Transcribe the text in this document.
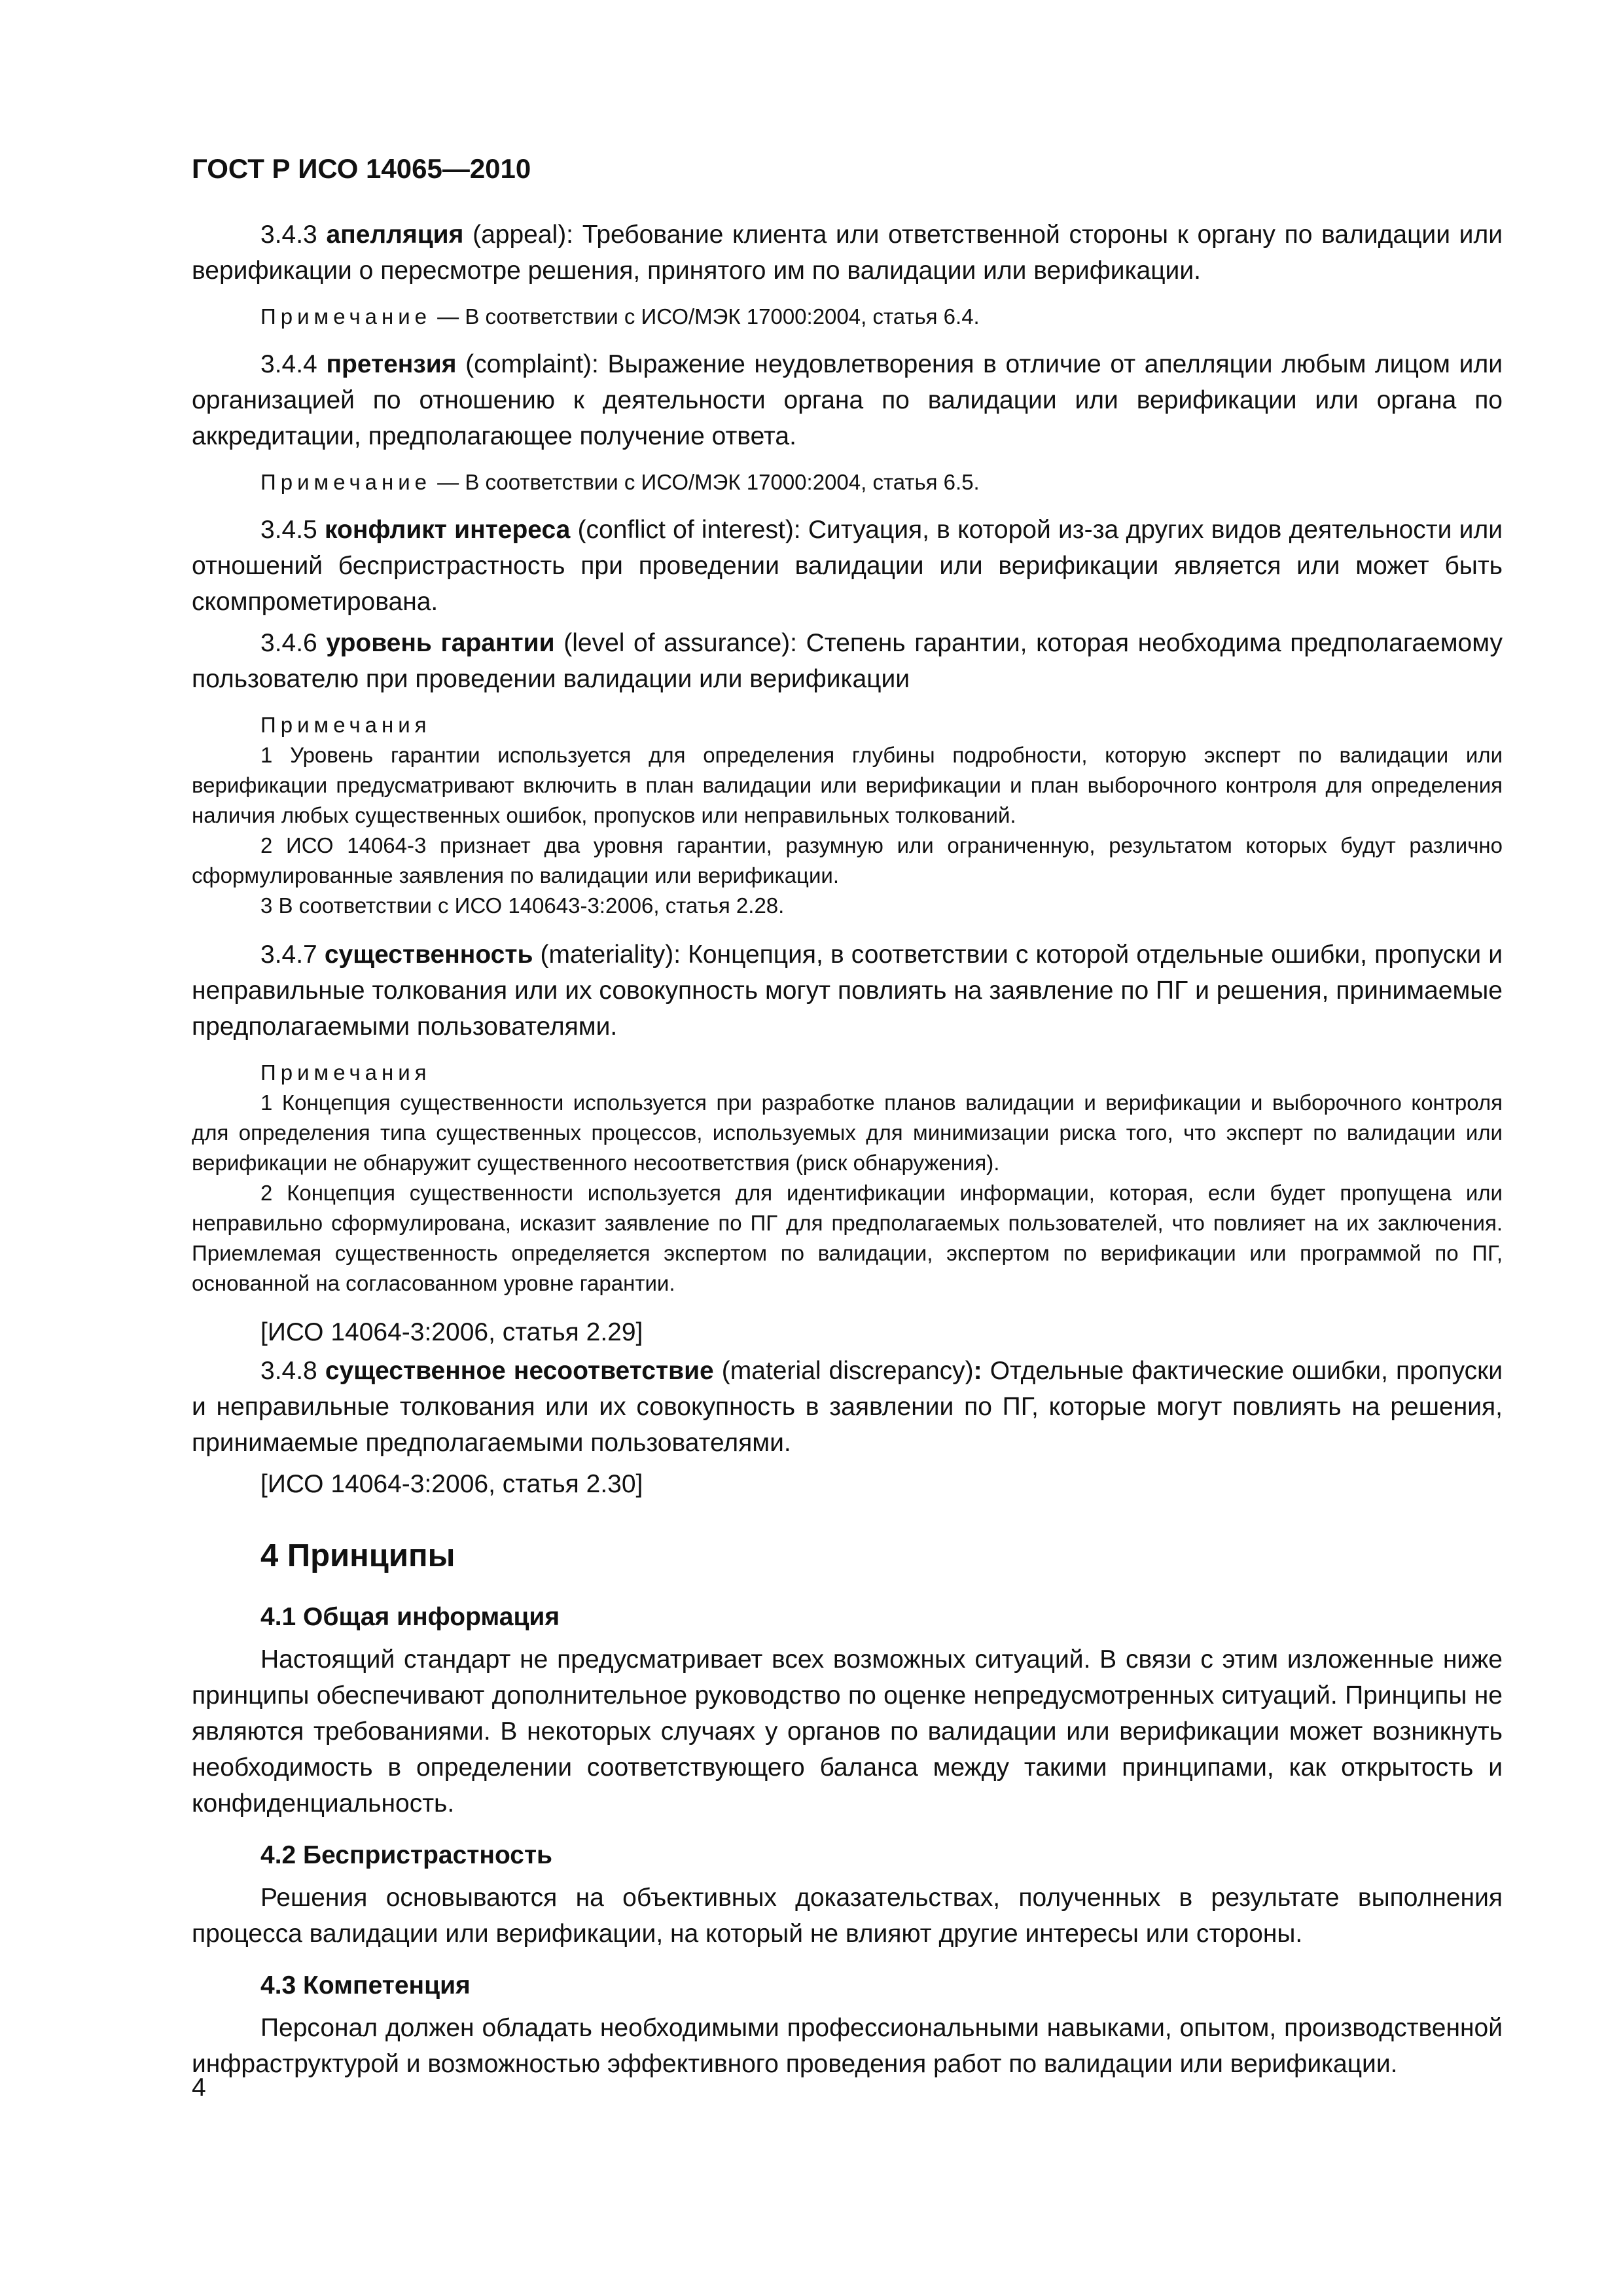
ГОСТ Р ИСО 14065—2010

3.4.3 апелляция (appeal): Требование клиента или ответственной стороны к органу по валидации или верификации о пересмотре решения, принятого им по валидации или верификации.

Примечание — В соответствии с ИСО/МЭК 17000:2004, статья 6.4.

3.4.4 претензия (complaint): Выражение неудовлетворения в отличие от апелляции любым лицом или организацией по отношению к деятельности органа по валидации или верификации или органа по аккредитации, предполагающее получение ответа.

Примечание — В соответствии с ИСО/МЭК 17000:2004, статья 6.5.

3.4.5 конфликт интереса (conflict of interest): Ситуация, в которой из-за других видов деятельности или отношений беспристрастность при проведении валидации или верификации является или может быть скомпрометирована.

3.4.6 уровень гарантии (level of assurance): Степень гарантии, которая необходима предполагаемому пользователю при проведении валидации или верификации

Примечания

1 Уровень гарантии используется для определения глубины подробности, которую эксперт по валидации или верификации предусматривают включить в план валидации или верификации и план выборочного контроля для определения наличия любых существенных ошибок, пропусков или неправильных толкований.

2 ИСО 14064-3 признает два уровня гарантии, разумную или ограниченную, результатом которых будут различно сформулированные заявления по валидации или верификации.

3 В соответствии с ИСО 140643-3:2006, статья 2.28.

3.4.7 существенность (materiality): Концепция, в соответствии с которой отдельные ошибки, пропуски и неправильные толкования или их совокупность могут повлиять на заявление по ПГ и решения, принимаемые предполагаемыми пользователями.

Примечания

1 Концепция существенности используется при разработке планов валидации и верификации и выборочного контроля для определения типа существенных процессов, используемых для минимизации риска того, что эксперт по валидации или верификации не обнаружит существенного несоответствия (риск обнаружения).

2 Концепция существенности используется для идентификации информации, которая, если будет пропущена или неправильно сформулирована, исказит заявление по ПГ для предполагаемых пользователей, что повлияет на их заключения. Приемлемая существенность определяется экспертом по валидации, экспертом по верификации или программой по ПГ, основанной на согласованном уровне гарантии.

[ИСО 14064-3:2006, статья 2.29]

3.4.8 существенное несоответствие (material discrepancy): Отдельные фактические ошибки, пропуски и неправильные толкования или их совокупность в заявлении по ПГ, которые могут повлиять на решения, принимаемые предполагаемыми пользователями.

[ИСО 14064-3:2006, статья 2.30]

4 Принципы
4.1 Общая информация

Настоящий стандарт не предусматривает всех возможных ситуаций. В связи с этим изложенные ниже принципы обеспечивают дополнительное руководство по оценке непредусмотренных ситуаций. Принципы не являются требованиями. В некоторых случаях у органов по валидации или верификации может возникнуть необходимость в определении соответствующего баланса между такими принципами, как открытость и конфиденциальность.

4.2 Беспристрастность

Решения основываются на объективных доказательствах, полученных в результате выполнения процесса валидации или верификации, на который не влияют другие интересы или стороны.

4.3 Компетенция

Персонал должен обладать необходимыми профессиональными навыками, опытом, производственной инфраструктурой и возможностью эффективного проведения работ по валидации или верификации.

4
